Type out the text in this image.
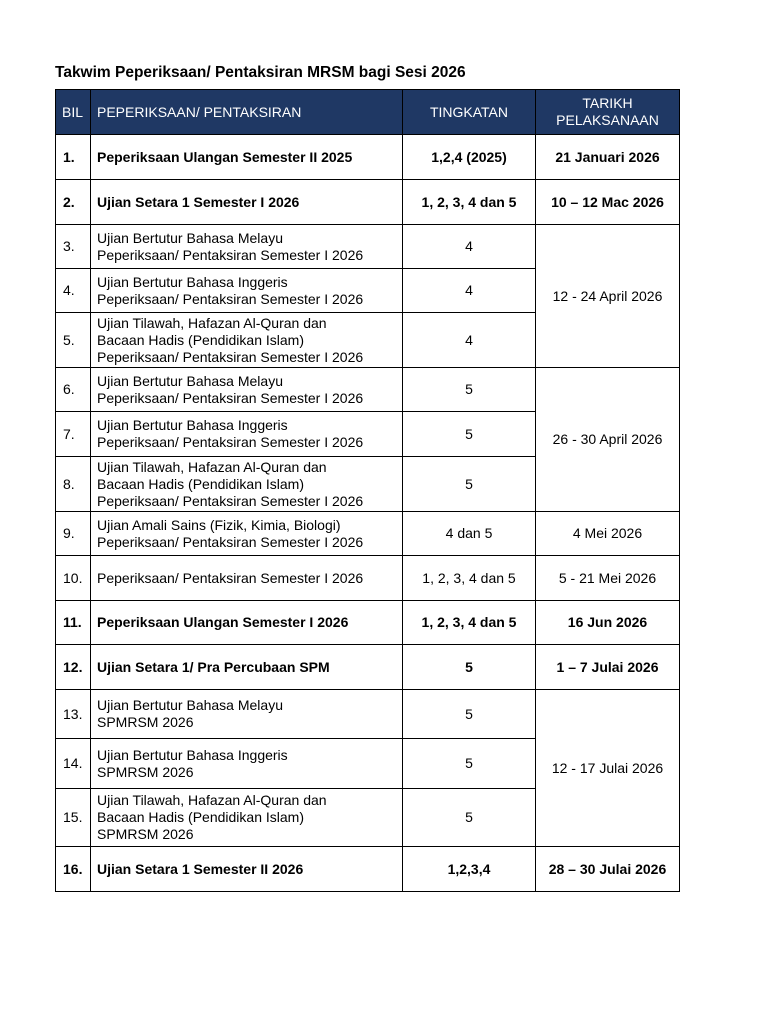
Takwim Peperiksaan/ Pentaksiran MRSM bagi Sesi 2026
BIL	PEPERIKSAAN/ PENTAKSIRAN	TINGKATAN	TARIKH
PELAKSANAAN

1.	Peperiksaan Ulangan Semester II 2025	1,2,4 (2025)	21 Januari 2026
2.	Ujian Setara 1 Semester I 2026	1, 2, 3, 4 dan 5	10 – 12 Mac 2026
3.	Ujian Bertutur Bahasa Melayu
Peperiksaan/ Pentaksiran Semester I 2026	4	12 - 24 April 2026
4.	Ujian Bertutur Bahasa Inggeris
Peperiksaan/ Pentaksiran Semester I 2026	4	
5.	Ujian Tilawah, Hafazan Al-Quran dan
Bacaan Hadis (Pendidikan Islam)
Peperiksaan/ Pentaksiran Semester I 2026	4	
6.	Ujian Bertutur Bahasa Melayu
Peperiksaan/ Pentaksiran Semester I 2026	5	26 - 30 April 2026
7.	Ujian Bertutur Bahasa Inggeris
Peperiksaan/ Pentaksiran Semester I 2026	5	
8.	Ujian Tilawah, Hafazan Al-Quran dan
Bacaan Hadis (Pendidikan Islam)
Peperiksaan/ Pentaksiran Semester I 2026	5	
9.	Ujian Amali Sains (Fizik, Kimia, Biologi)
Peperiksaan/ Pentaksiran Semester I 2026	4 dan 5	4 Mei 2026
10.	Peperiksaan/ Pentaksiran Semester I 2026	1, 2, 3, 4 dan 5	5 - 21 Mei 2026
11.	Peperiksaan Ulangan Semester I 2026	1, 2, 3, 4 dan 5	16 Jun 2026
12.	Ujian Setara 1/ Pra Percubaan SPM	5	1 – 7 Julai 2026
13.	Ujian Bertutur Bahasa Melayu
SPMRSM 2026	5	12 - 17 Julai 2026
14.	Ujian Bertutur Bahasa Inggeris
SPMRSM 2026	5	
15.	Ujian Tilawah, Hafazan Al-Quran dan
Bacaan Hadis (Pendidikan Islam)
SPMRSM 2026	5	
16.	Ujian Setara 1 Semester II 2026	1,2,3,4	28 – 30 Julai 2026
